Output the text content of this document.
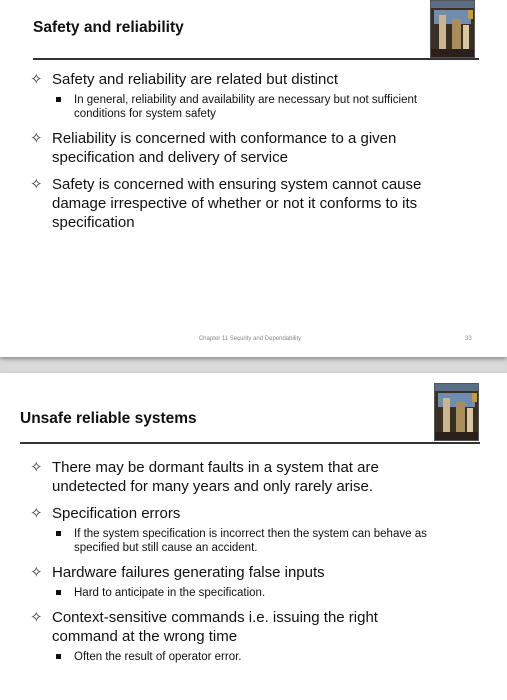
Safety and reliability
✧ Safety and reliability are related but distinct
In general, reliability and availability are necessary but not sufficient conditions for system safety
✧ Reliability is concerned with conformance to a given specification and delivery of service
✧ Safety is concerned with ensuring system cannot cause damage irrespective of whether or not it conforms to its specification
Chapter 11 Security and Dependability	33
Unsafe reliable systems
✧ There may be dormant faults in a system that are undetected for many years and only rarely arise.
✧ Specification errors
If the system specification is incorrect then the system can behave as specified but still cause an accident.
✧ Hardware failures generating false inputs
Hard to anticipate in the specification.
✧ Context-sensitive commands i.e. issuing the right command at the wrong time
Often the result of operator error.
